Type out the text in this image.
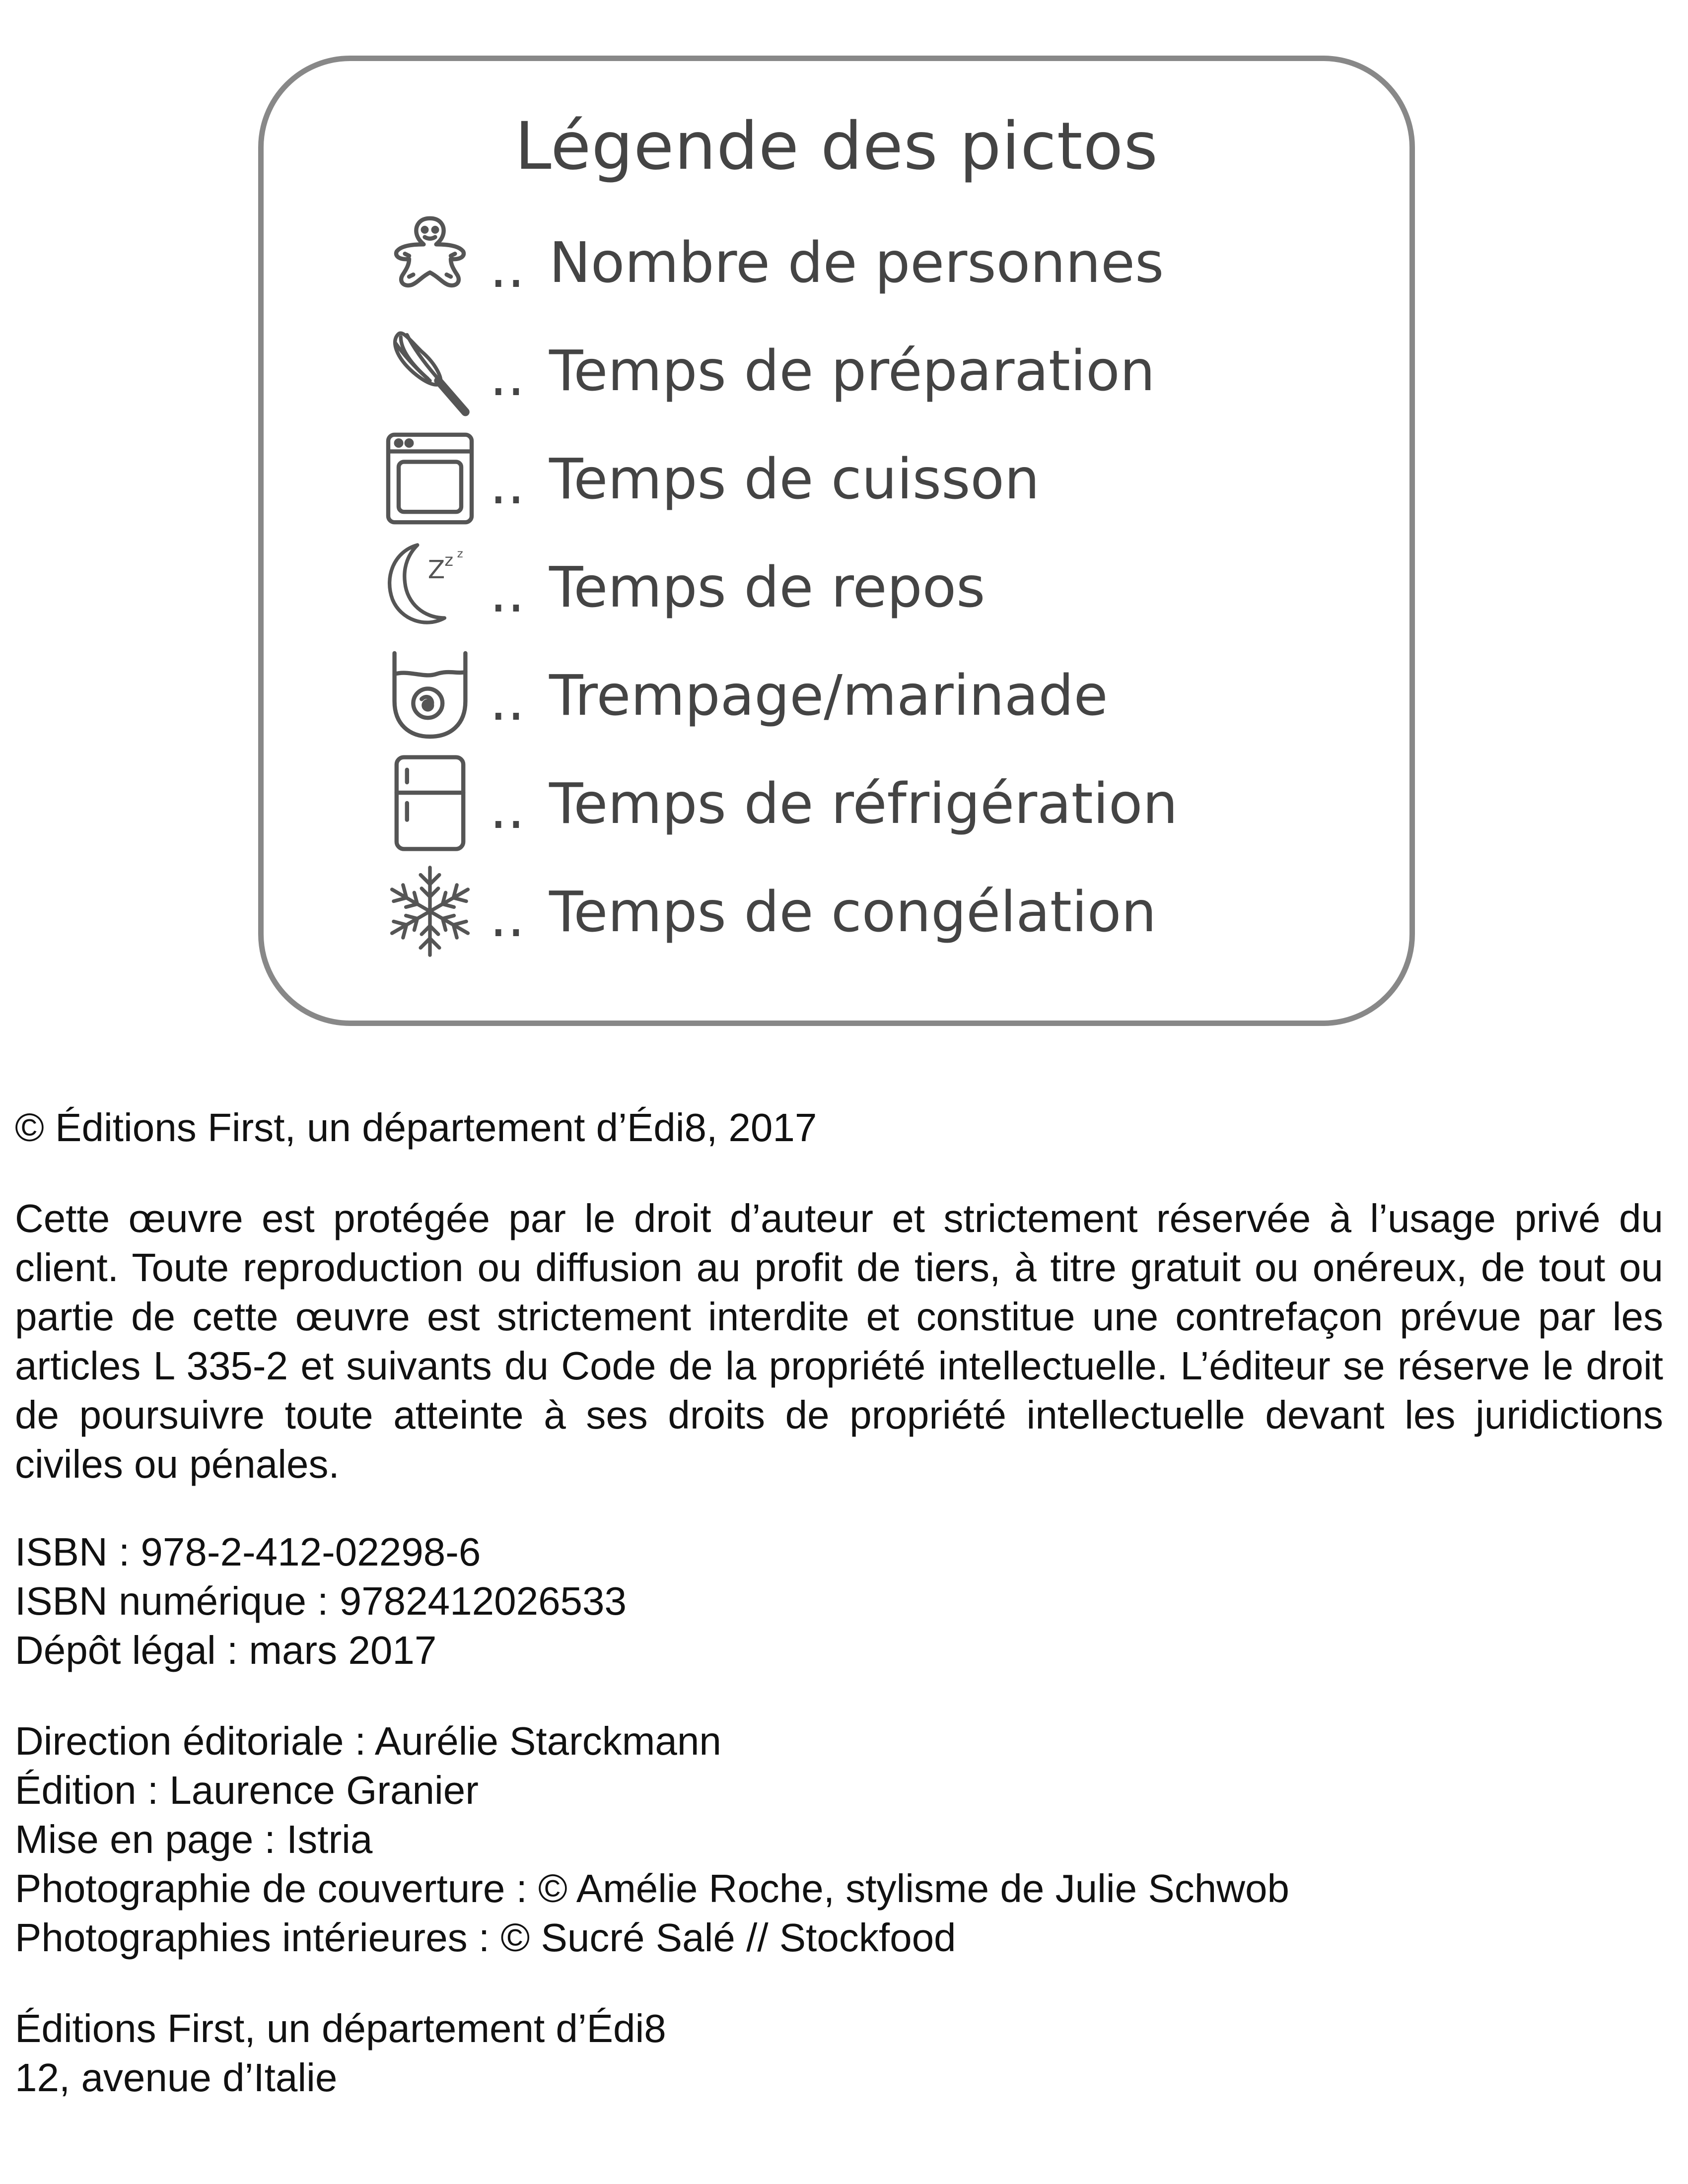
Légende des pictos
.. Nombre de personnes
.. Temps de préparation
.. Temps de cuisson
Z z z
.. Temps de repos
.. Trempage/marinade
.. Temps de réfrigération
.. Temps de congélation

© Éditions First, un département d’Édi8, 2017

Cette œuvre est protégée par le droit d’auteur et strictement réservée à l’usage privé du client. Toute reproduction ou diffusion au profit de tiers, à titre gratuit ou onéreux, de tout ou partie de cette œuvre est strictement interdite et constitue une contrefaçon prévue par les articles L 335-2 et suivants du Code de la propriété intellectuelle. L’éditeur se réserve le droit de poursuivre toute atteinte à ses droits de propriété intellectuelle devant les juridictions civiles ou pénales.

ISBN : 978-2-412-02298-6
ISBN numérique : 9782412026533
Dépôt légal : mars 2017

Direction éditoriale : Aurélie Starckmann
Édition : Laurence Granier
Mise en page : Istria
Photographie de couverture : © Amélie Roche, stylisme de Julie Schwob
Photographies intérieures : © Sucré Salé // Stockfood

Éditions First, un département d’Édi8
12, avenue d’Italie
